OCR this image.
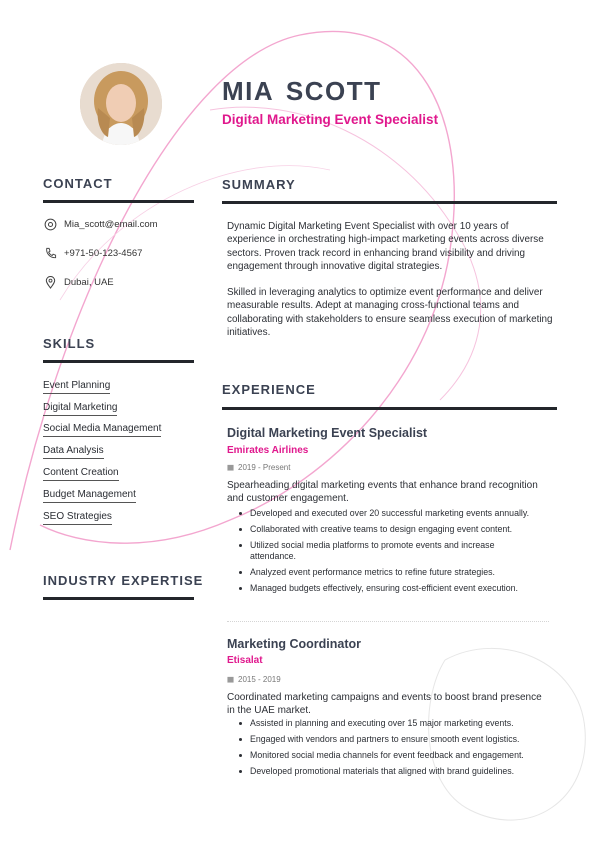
MIA SCOTT
Digital Marketing Event Specialist
CONTACT
Mia_scott@email.com
+971-50-123-4567
Dubai, UAE
SKILLS
Event Planning
Digital Marketing
Social Media Management
Data Analysis
Content Creation
Budget Management
SEO Strategies
INDUSTRY EXPERTISE
SUMMARY

Dynamic Digital Marketing Event Specialist with over 10 years of experience in orchestrating high-impact marketing events across diverse sectors. Proven track record in enhancing brand visibility and driving engagement through innovative digital strategies.

Skilled in leveraging analytics to optimize event performance and deliver measurable results. Adept at managing cross-functional teams and collaborating with stakeholders to ensure seamless execution of marketing initiatives.

EXPERIENCE
Digital Marketing Event Specialist
Emirates Airlines
2019 - Present

Spearheading digital marketing events that enhance brand recognition and customer engagement.

Developed and executed over 20 successful marketing events annually.
Collaborated with creative teams to design engaging event content.
Utilized social media platforms to promote events and increase attendance.
Analyzed event performance metrics to refine future strategies.
Managed budgets effectively, ensuring cost-efficient event execution.
Marketing Coordinator
Etisalat
2015 - 2019

Coordinated marketing campaigns and events to boost brand presence in the UAE market.

Assisted in planning and executing over 15 major marketing events.
Engaged with vendors and partners to ensure smooth event logistics.
Monitored social media channels for event feedback and engagement.
Developed promotional materials that aligned with brand guidelines.
